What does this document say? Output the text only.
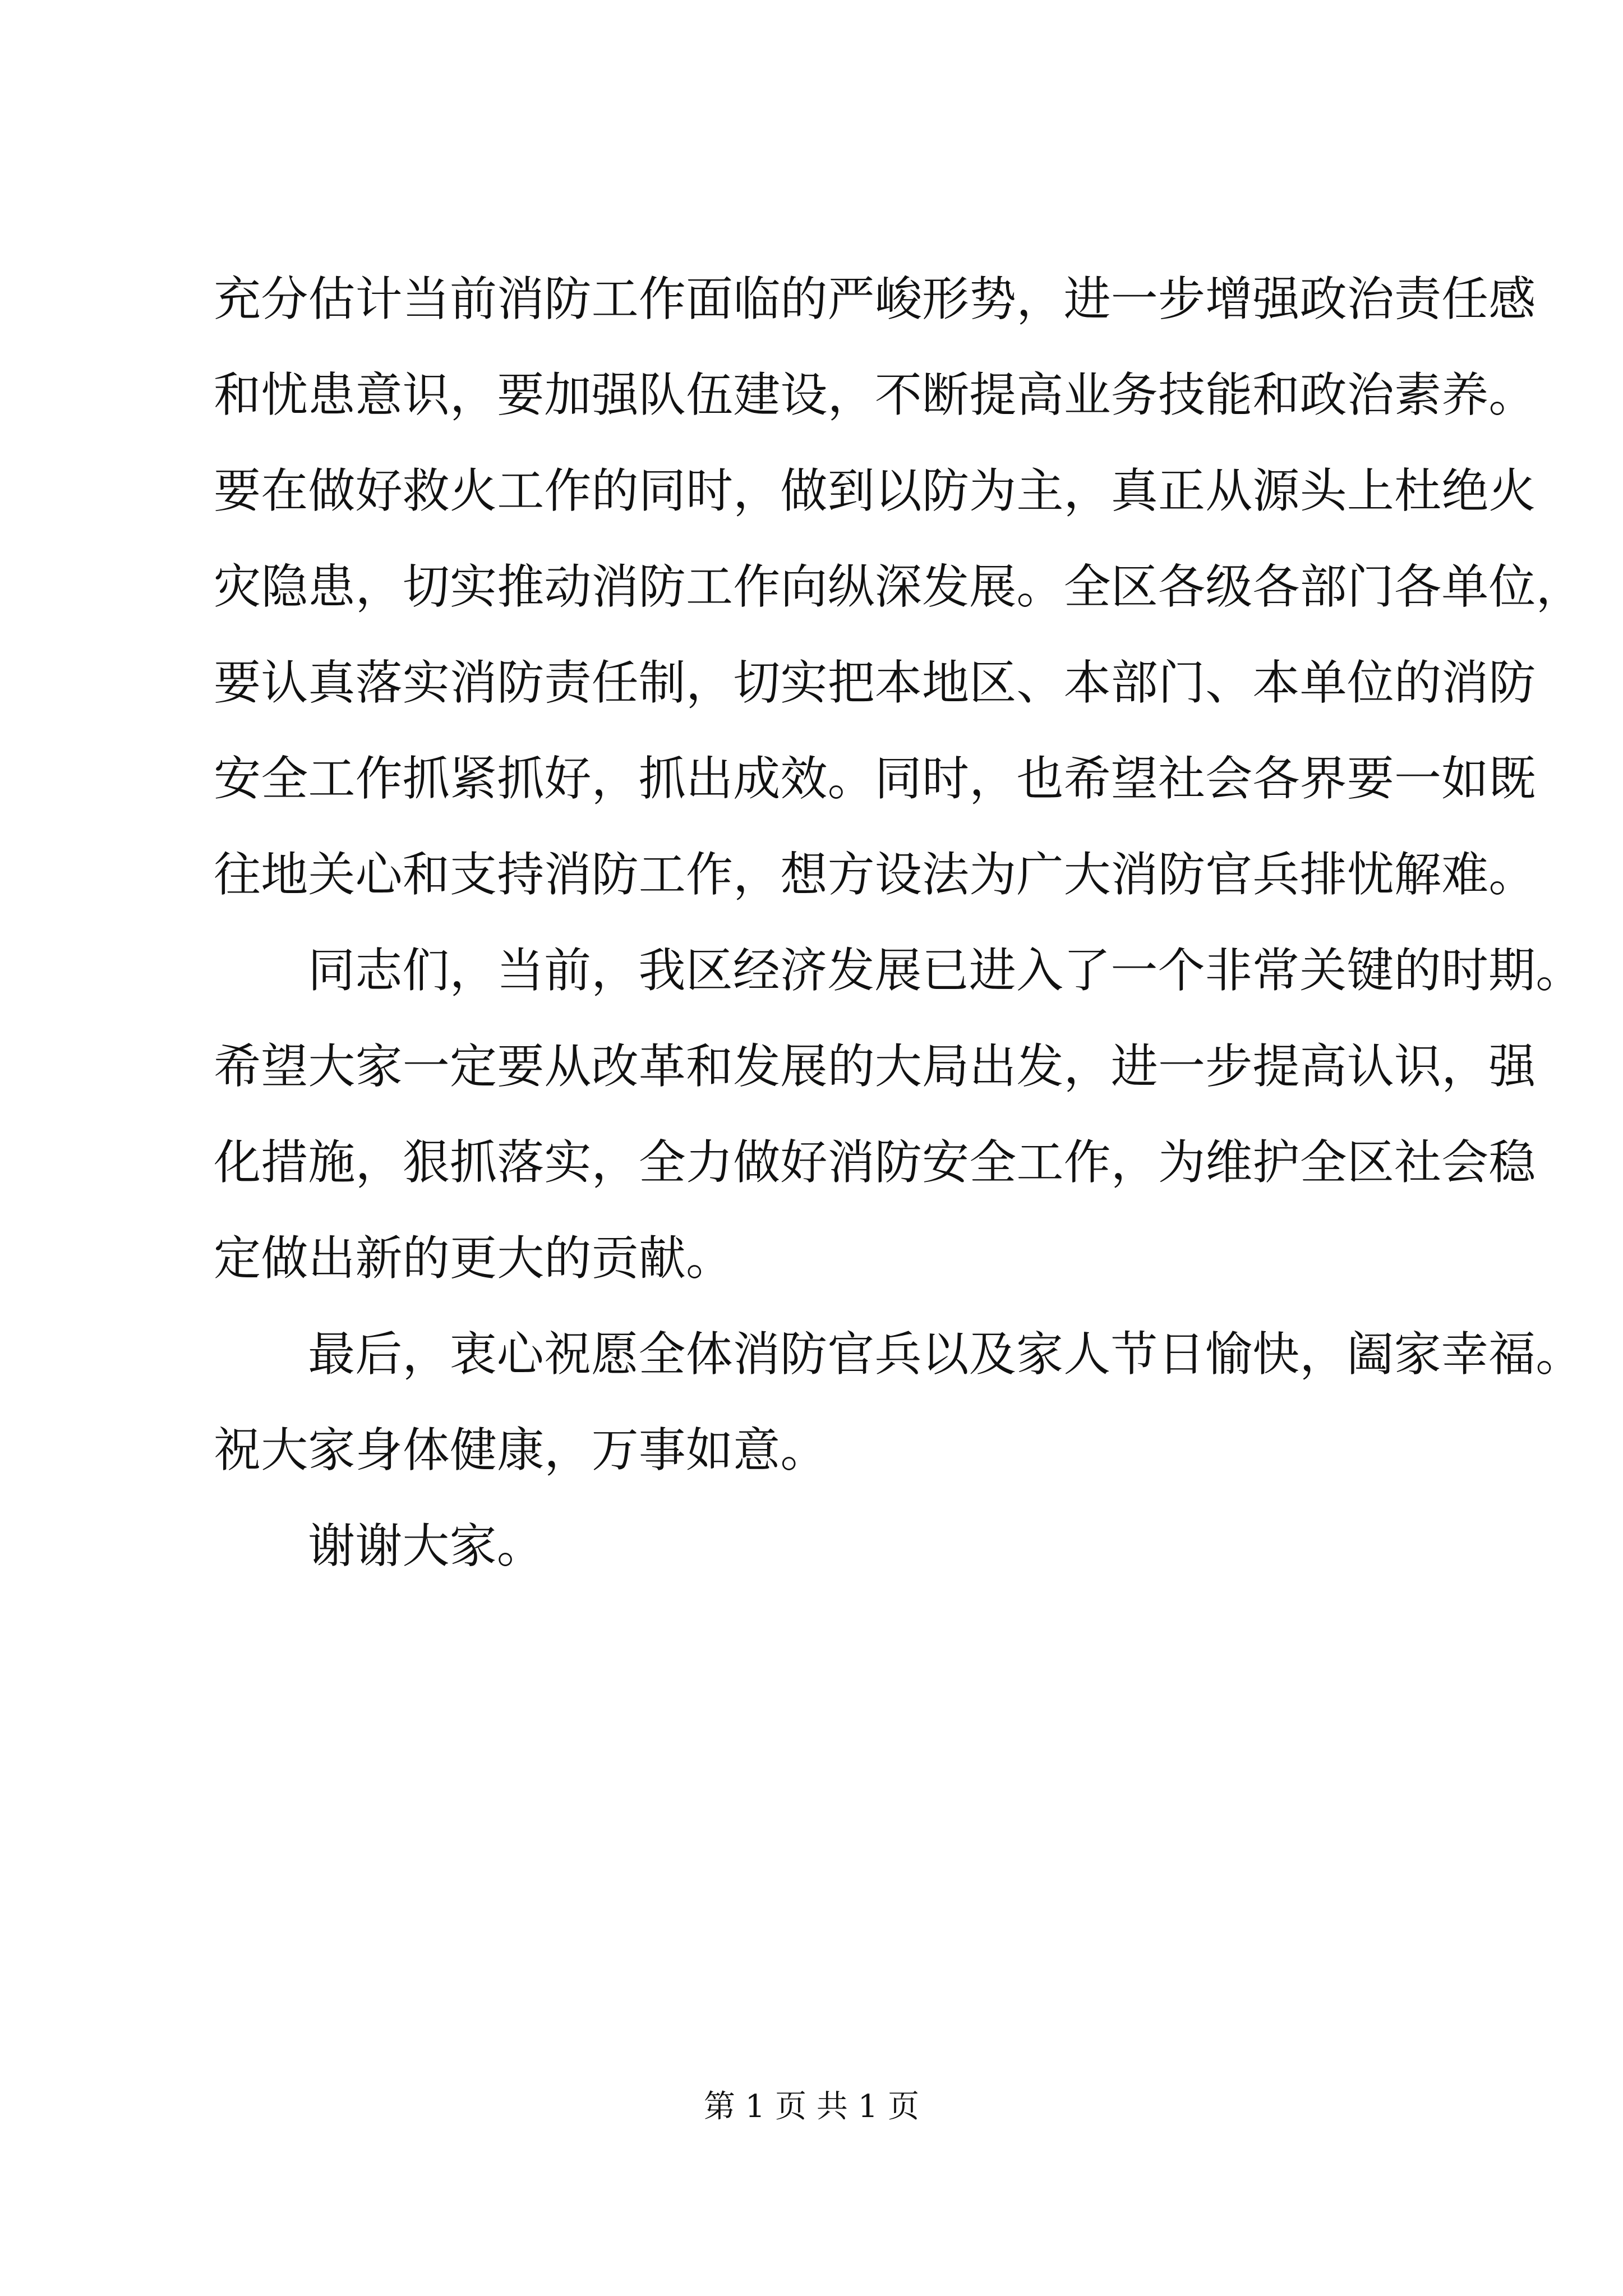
充分估计当前消防工作面临的严峻形势，进一步增强政治责任感
和忧患意识，要加强队伍建设，不断提高业务技能和政治素养。
要在做好救火工作的同时，做到以防为主，真正从源头上杜绝火
灾隐患，切实推动消防工作向纵深发展。全区各级各部门各单位，
要认真落实消防责任制，切实把本地区、本部门、本单位的消防
安全工作抓紧抓好，抓出成效。同时，也希望社会各界要一如既
往地关心和支持消防工作，想方设法为广大消防官兵排忧解难。
同志们，当前，我区经济发展已进入了一个非常关键的时期。
希望大家一定要从改革和发展的大局出发，进一步提高认识，强
化措施，狠抓落实，全力做好消防安全工作，为维护全区社会稳
定做出新的更大的贡献。
最后，衷心祝愿全体消防官兵以及家人节日愉快，阖家幸福。
祝大家身体健康，万事如意。
谢谢大家。
第 1 页 共 1 页
